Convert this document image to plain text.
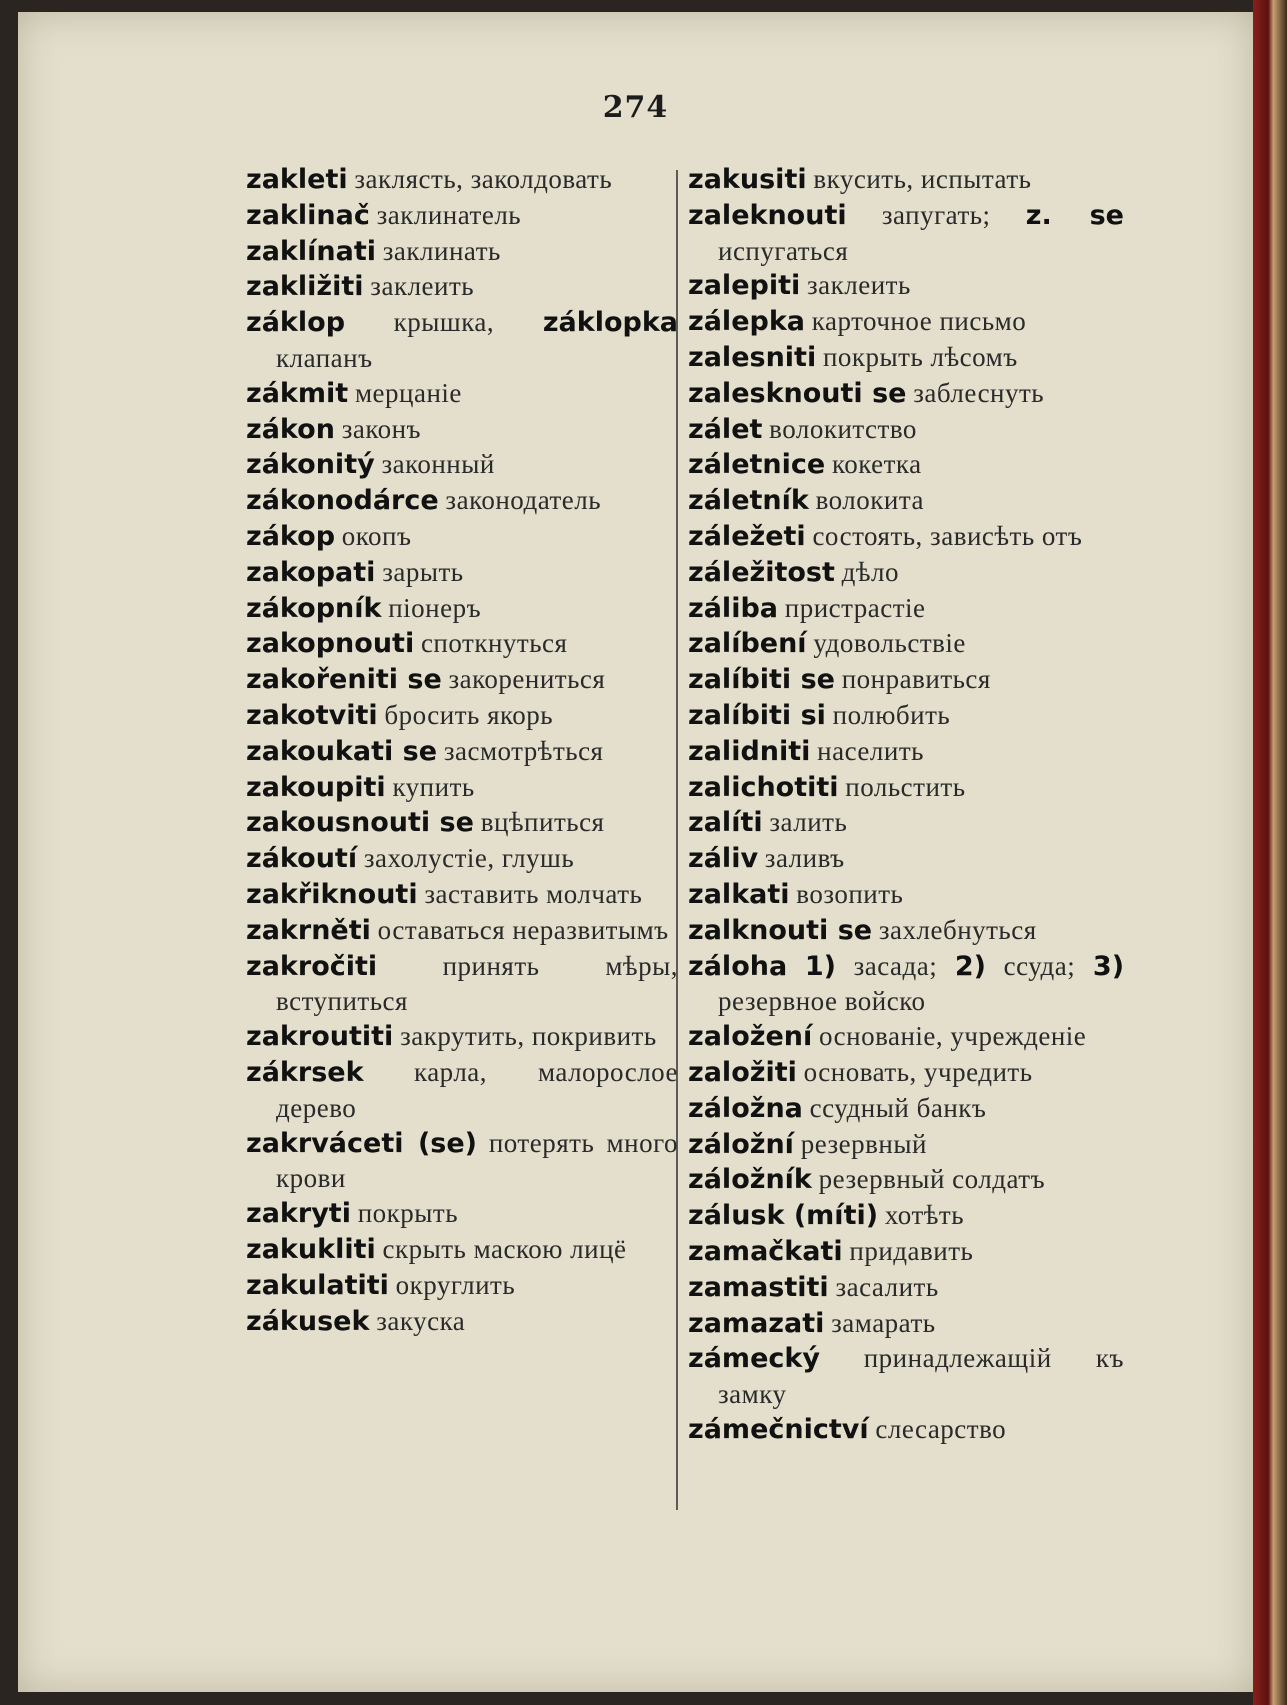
274
zakleti заклясть, заколдовать
zaklinač заклинатель
zaklínati заклинать
zakližiti заклеить
záklop крышка, záklopka клапанъ
zákmit мерцаніе
zákon законъ
zákonitý законный
zákonodárce законодатель
zákop окопъ
zakopati зарыть
zákopník піонеръ
zakopnouti споткнуться
zakořeniti se закорениться
zakotviti бросить якорь
zakoukati se засмотрѣться
zakoupiti купить
zakousnouti se вцѣпиться
zákoutí захолустіе, глушь
zakřiknouti заставить молчать
zakrněti оставаться неразвитымъ
zakročiti принять мѣры, вступиться
zakroutiti закрутить, покривить
zákrsek карла, малорослое дерево
zakrváceti (se) потерять много крови
zakryti покрыть
zakukliti скрыть маскою лицё
zakulatiti округлить
zákusek закуска
zakusiti вкусить, испытать
zaleknouti запугать; z. se испугаться
zalepiti заклеить
zálepka карточное письмо
zalesniti покрыть лѣсомъ
zalesknouti se заблеснуть
zálet волокитство
záletnice кокетка
záletník волокита
záležeti состоять, зависѣть отъ
záležitost дѣло
záliba пристрастіе
zalíbení удовольствіе
zalíbiti se понравиться
zalíbiti si полюбить
zalidniti населить
zalichotiti польстить
zalíti залить
záliv заливъ
zalkati возопить
zalknouti se захлебнуться
záloha 1) засада; 2) ссуда; 3) резервное войско
založení основаніе, учрежденіе
založiti основать, учредить
záložna ссудный банкъ
záložní резервный
záložník резервный солдатъ
zálusk (míti) хотѣть
zamačkati придавить
zamastiti засалить
zamazati замарать
zámecký принадлежащій къ замку
zámečnictví слесарство
